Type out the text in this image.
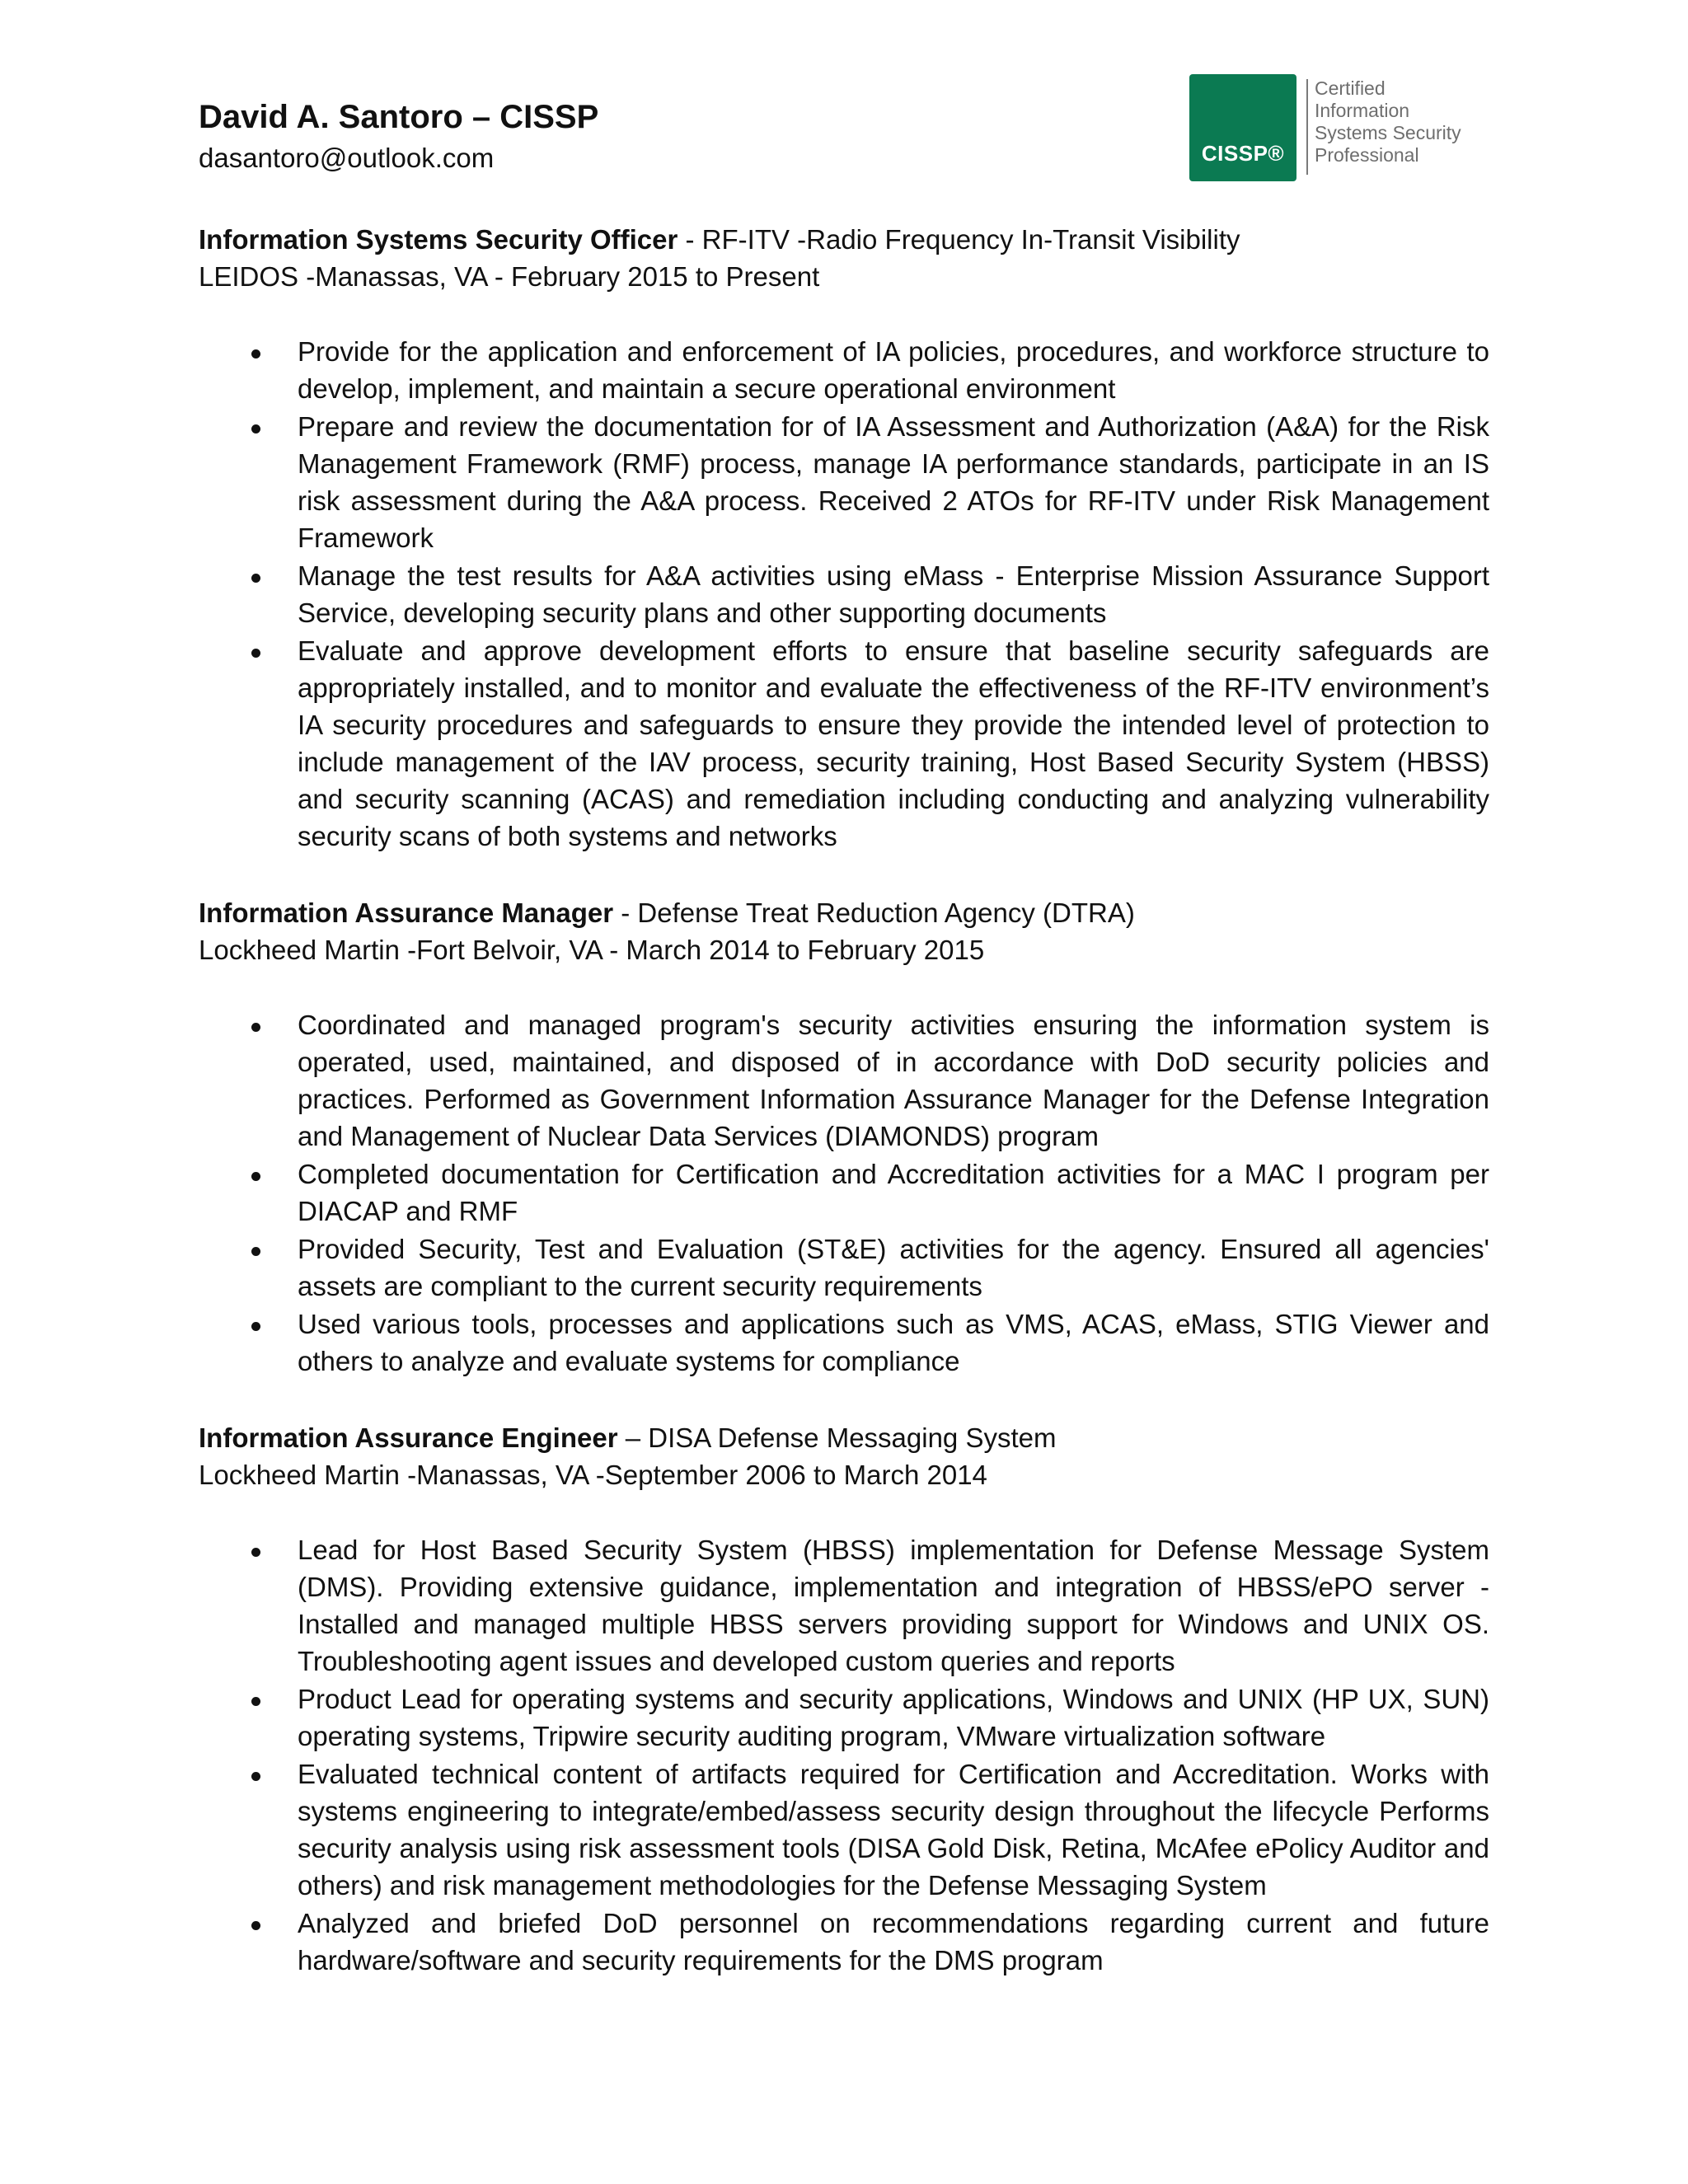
David A. Santoro – CISSP
dasantoro@outlook.com	CISSP®
Certified
Information
Systems Security
Professional
Information Systems Security Officer - RF-ITV -Radio Frequency In-Transit Visibility
LEIDOS -Manassas, VA - February 2015 to Present
Provide for the application and enforcement of IA policies, procedures, and workforce structure to develop, implement, and maintain a secure operational environment
Prepare and review the documentation for of IA Assessment and Authorization (A&A) for the Risk Management Framework (RMF) process, manage IA performance standards, participate in an IS risk assessment during the A&A process. Received 2 ATOs for RF-ITV under Risk Management Framework
Manage the test results for A&A activities using eMass - Enterprise Mission Assurance Support Service, developing security plans and other supporting documents
Evaluate and approve development efforts to ensure that baseline security safeguards are appropriately installed, and to monitor and evaluate the effectiveness of the RF-ITV environment’s IA security procedures and safeguards to ensure they provide the intended level of protection to include management of the IAV process, security training, Host Based Security System (HBSS) and security scanning (ACAS) and remediation including conducting and analyzing vulnerability security scans of both systems and networks
Information Assurance Manager - Defense Treat Reduction Agency (DTRA)
Lockheed Martin -Fort Belvoir, VA - March 2014 to February 2015
Coordinated and managed program's security activities ensuring the information system is operated, used, maintained, and disposed of in accordance with DoD security policies and practices. Performed as Government Information Assurance Manager for the Defense Integration and Management of Nuclear Data Services (DIAMONDS) program
Completed documentation for Certification and Accreditation activities for a MAC I program per DIACAP and RMF
Provided Security, Test and Evaluation (ST&E) activities for the agency. Ensured all agencies' assets are compliant to the current security requirements
Used various tools, processes and applications such as VMS, ACAS, eMass, STIG Viewer and others to analyze and evaluate systems for compliance
Information Assurance Engineer – DISA Defense Messaging System
Lockheed Martin -Manassas, VA -September 2006 to March 2014
Lead for Host Based Security System (HBSS) implementation for Defense Message System (DMS). Providing extensive guidance, implementation and integration of HBSS/ePO server - Installed and managed multiple HBSS servers providing support for Windows and UNIX OS. Troubleshooting agent issues and developed custom queries and reports
Product Lead for operating systems and security applications, Windows and UNIX (HP UX, SUN) operating systems, Tripwire security auditing program, VMware virtualization software
Evaluated technical content of artifacts required for Certification and Accreditation. Works with systems engineering to integrate/embed/assess security design throughout the lifecycle Performs security analysis using risk assessment tools (DISA Gold Disk, Retina, McAfee ePolicy Auditor and others) and risk management methodologies for the Defense Messaging System
Analyzed and briefed DoD personnel on recommendations regarding current and future hardware/software and security requirements for the DMS program
